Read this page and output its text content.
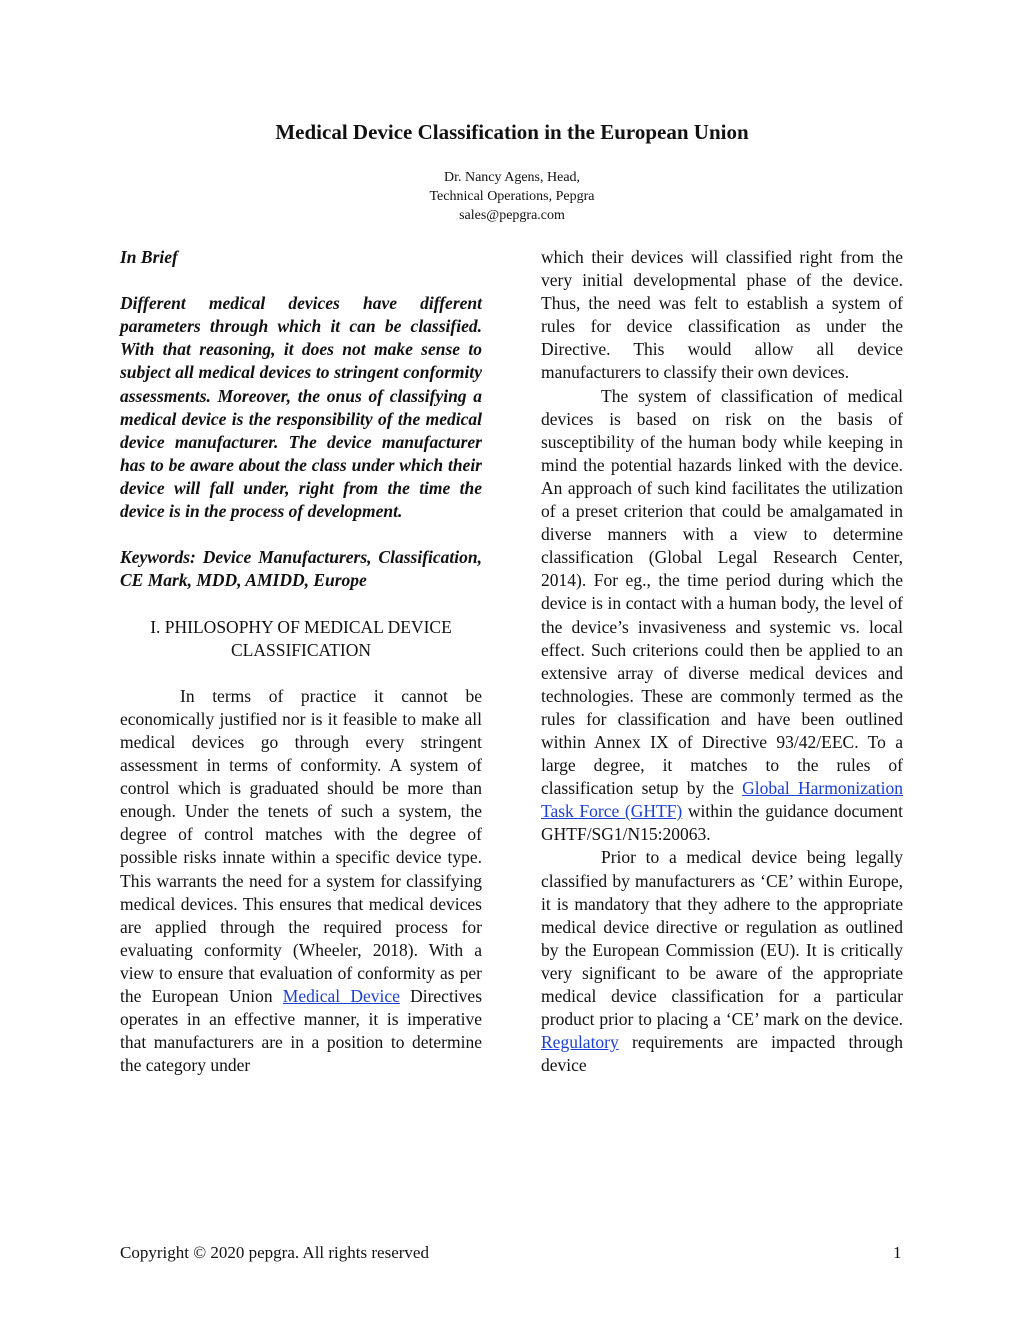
Medical Device Classification in the European Union
Dr. Nancy Agens, Head,
Technical Operations, Pepgra
sales@pepgra.com

In Brief

Different medical devices have different parameters through which it can be classified. With that reasoning, it does not make sense to subject all medical devices to stringent conformity assessments. Moreover, the onus of classifying a medical device is the responsibility of the medical device manufacturer. The device manufacturer has to be aware about the class under which their device will fall under, right from the time the device is in the process of development.

Keywords: Device Manufacturers, Classification, CE Mark, MDD, AMIDD, Europe

I. PHILOSOPHY OF MEDICAL DEVICE
CLASSIFICATION

In terms of practice it cannot be economically justified nor is it feasible to make all medical devices go through every stringent assessment in terms of conformity. A system of control which is graduated should be more than enough. Under the tenets of such a system, the degree of control matches with the degree of possible risks innate within a specific device type. This warrants the need for a system for classifying medical devices. This ensures that medical devices are applied through the required process for evaluating conformity (Wheeler, 2018). With a view to ensure that evaluation of conformity as per the European Union Medical Device Directives operates in an effective manner, it is imperative that manufacturers are in a position to determine the category under

which their devices will classified right from the very initial developmental phase of the device. Thus, the need was felt to establish a system of rules for device classification as under the Directive. This would allow all device manufacturers to classify their own devices.

The system of classification of medical devices is based on risk on the basis of susceptibility of the human body while keeping in mind the potential hazards linked with the device. An approach of such kind facilitates the utilization of a preset criterion that could be amalgamated in diverse manners with a view to determine classification (Global Legal Research Center, 2014). For eg., the time period during which the device is in contact with a human body, the level of the device’s invasiveness and systemic vs. local effect. Such criterions could then be applied to an extensive array of diverse medical devices and technologies. These are commonly termed as the rules for classification and have been outlined within Annex IX of Directive 93/42/EEC. To a large degree, it matches to the rules of classification setup by the Global Harmonization Task Force (GHTF) within the guidance document GHTF/SG1/N15:20063.

Prior to a medical device being legally classified by manufacturers as ‘CE’ within Europe, it is mandatory that they adhere to the appropriate medical device directive or regulation as outlined by the European Commission (EU). It is critically very significant to be aware of the appropriate medical device classification for a particular product prior to placing a ‘CE’ mark on the device. Regulatory requirements are impacted through device

Copyright © 2020 pepgra. All rights reserved	1
